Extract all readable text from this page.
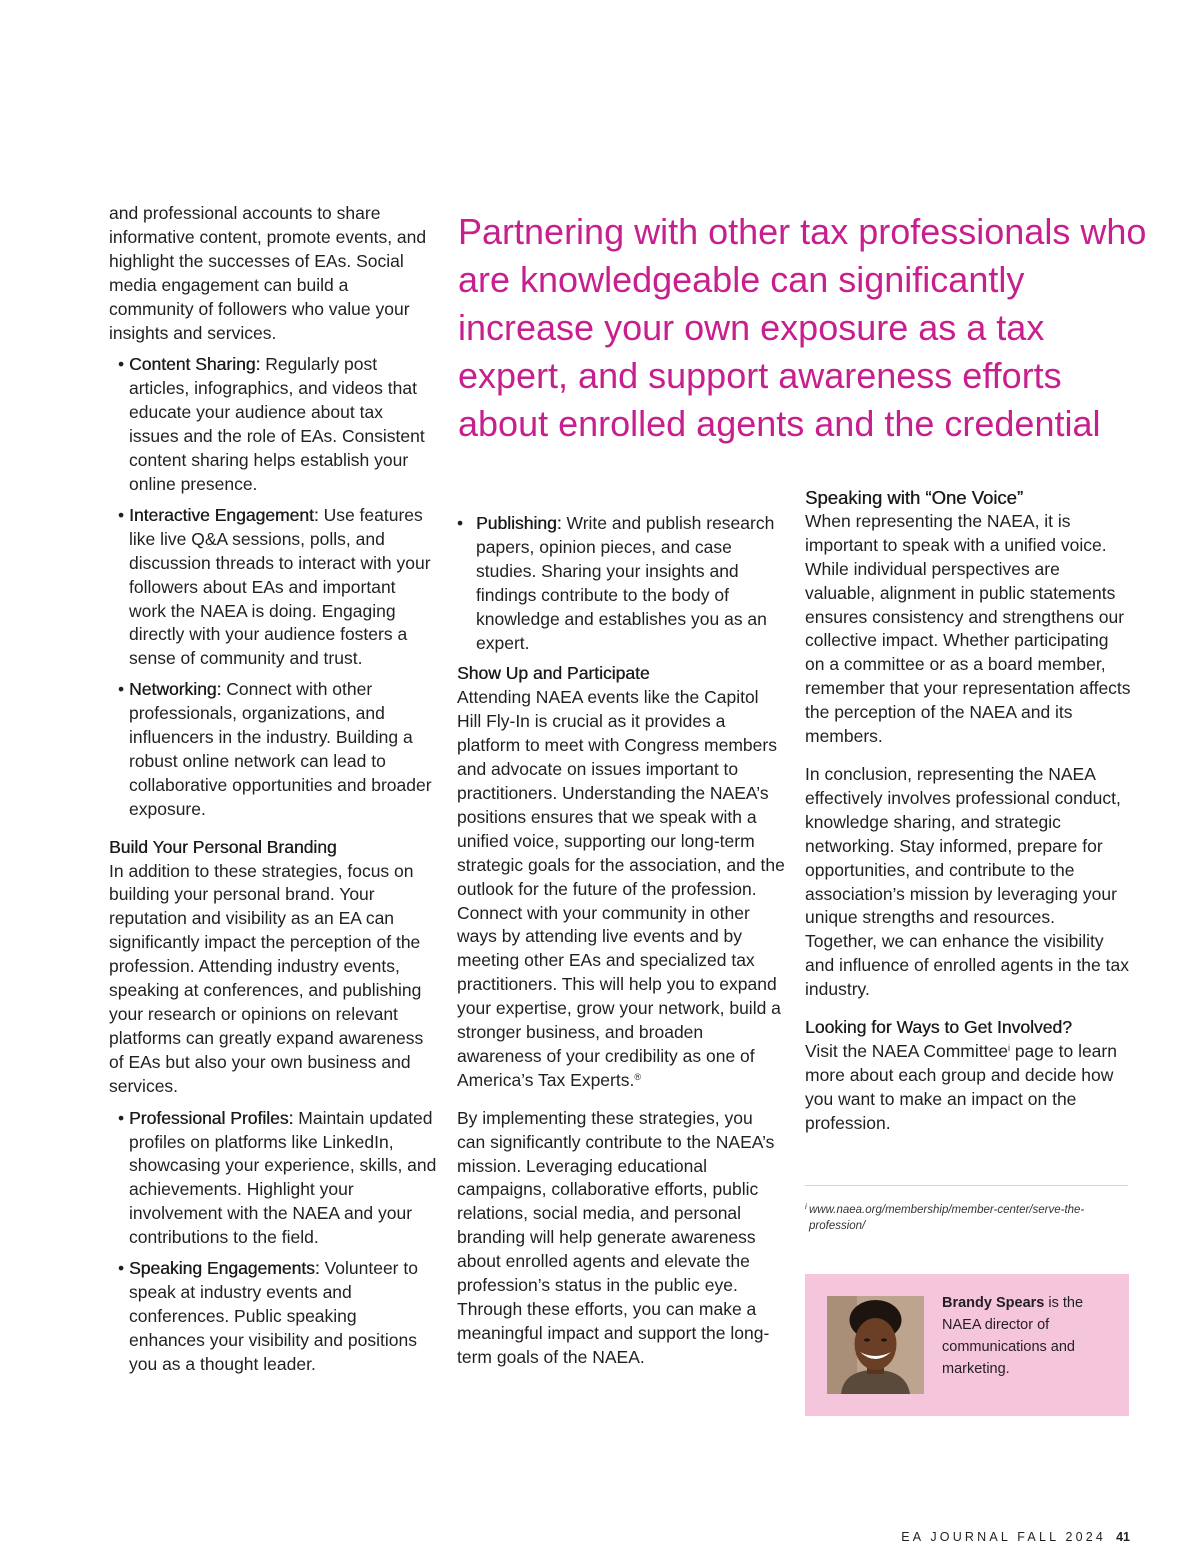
and professional accounts to share informative content, promote events, and highlight the successes of EAs. Social media engagement can build a community of followers who value your insights and services.

• Content Sharing: Regularly post articles, infographics, and videos that educate your audience about tax issues and the role of EAs. Consistent content sharing helps establish your online presence.
• Interactive Engagement: Use features like live Q&A sessions, polls, and discussion threads to interact with your followers about EAs and important work the NAEA is doing. Engaging directly with your audience fosters a sense of community and trust.
• Networking: Connect with other professionals, organizations, and influencers in the industry. Building a robust online network can lead to collaborative opportunities and broader exposure.
Build Your Personal Branding

In addition to these strategies, focus on building your personal brand. Your reputation and visibility as an EA can significantly impact the perception of the profession. Attending industry events, speaking at conferences, and publishing your research or opinions on relevant platforms can greatly expand awareness of EAs but also your own business and services.

• Professional Profiles: Maintain updated profiles on platforms like LinkedIn, showcasing your experience, skills, and achievements. Highlight your involvement with the NAEA and your contributions to the field.
• Speaking Engagements: Volunteer to speak at industry events and conferences. Public speaking enhances your visibility and positions you as a thought leader.
Partnering with other tax professionals who are knowledgeable can significantly increase your own exposure as a tax expert, and support awareness efforts about enrolled agents and the credential
• Publishing: Write and publish research papers, opinion pieces, and case studies. Sharing your insights and findings contribute to the body of knowledge and establishes you as an expert.
Show Up and Participate

Attending NAEA events like the Capitol Hill Fly-In is crucial as it provides a platform to meet with Congress members and advocate on issues important to practitioners. Understanding the NAEA’s positions ensures that we speak with a unified voice, supporting our long-term strategic goals for the association, and the outlook for the future of the profession. Connect with your community in other ways by attending live events and by meeting other EAs and specialized tax practitioners. This will help you to expand your expertise, grow your network, build a stronger business, and broaden awareness of your credibility as one of America’s Tax Experts.®

By implementing these strategies, you can significantly contribute to the NAEA’s mission. Leveraging educational campaigns, collaborative efforts, public relations, social media, and personal branding will help generate awareness about enrolled agents and elevate the profession’s status in the public eye. Through these efforts, you can make a meaningful impact and support the long-term goals of the NAEA.

Speaking with “One Voice”

When representing the NAEA, it is important to speak with a unified voice. While individual perspectives are valuable, alignment in public statements ensures consistency and strengthens our collective impact. Whether participating on a committee or as a board member, remember that your representation affects the perception of the NAEA and its members.

In conclusion, representing the NAEA effectively involves professional conduct, knowledge sharing, and strategic networking. Stay informed, prepare for opportunities, and contribute to the association’s mission by leveraging your unique strengths and resources. Together, we can enhance the visibility and influence of enrolled agents in the tax industry.

Looking for Ways to Get Involved?

Visit the NAEA Committee$^i$ page to learn more about each group and decide how you want to make an impact on the profession.

i www.naea.org/membership/member-center/serve-the-profession/
Brandy Spears is the NAEA director of communications and marketing.
EA JOURNAL FALL 2024 41
